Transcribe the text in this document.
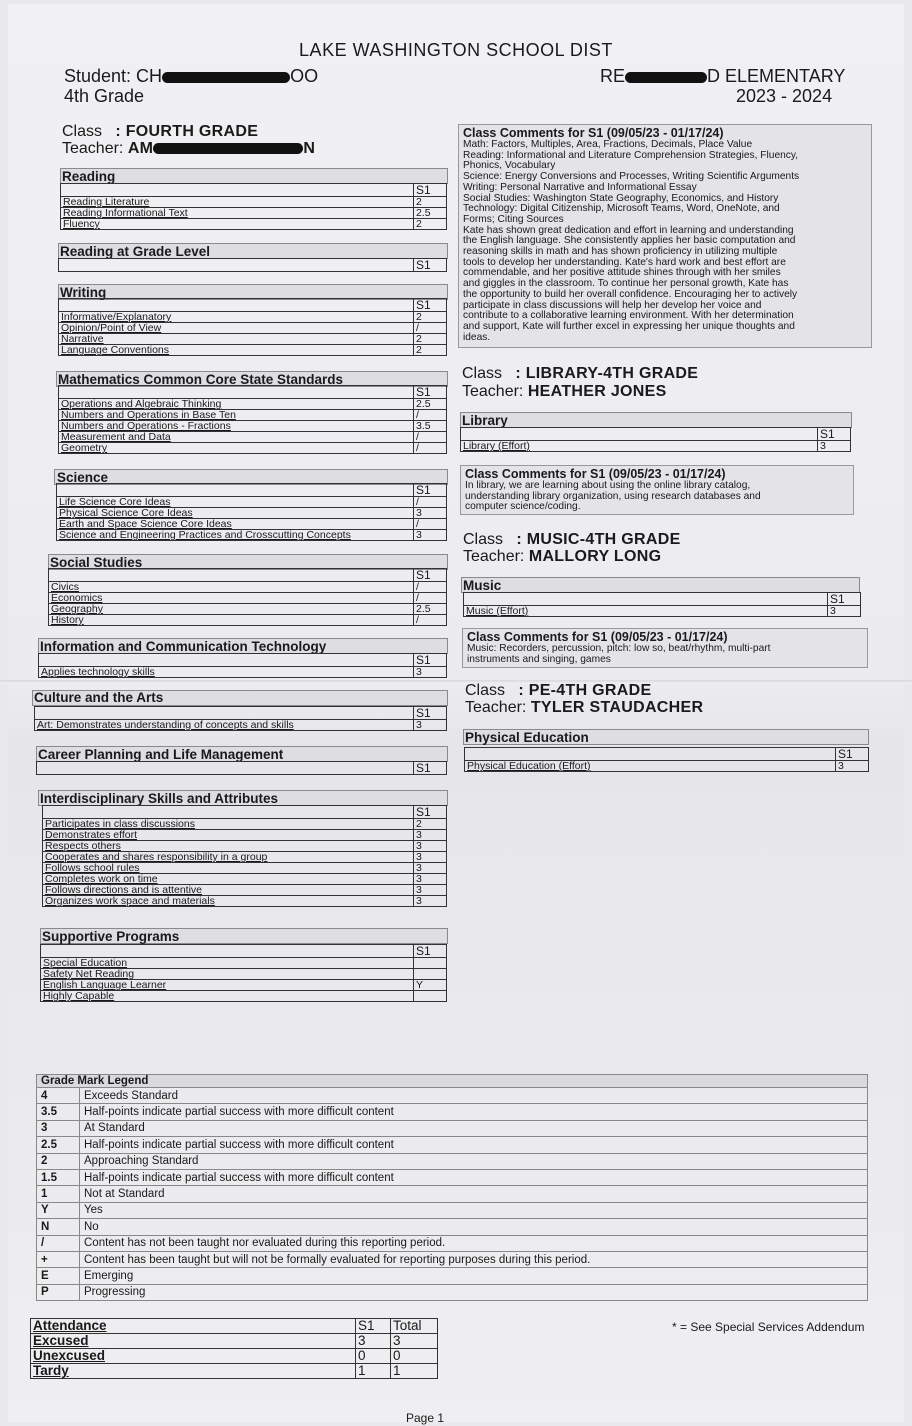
LAKE WASHINGTON SCHOOL DIST
Student: CH	OO
4th Grade
RE	D ELEMENTARY
2023 - 2024
Class : FOURTH GRADE
Teacher: AM	N
Reading
	S1
Reading Literature	2
Reading Informational Text	2.5
Fluency	2
Reading at Grade Level
	S1
Writing
	S1
Informative/Explanatory	2
Opinion/Point of View	/
Narrative	2
Language Conventions	2
Mathematics Common Core State Standards
	S1
Operations and Algebraic Thinking	2.5
Numbers and Operations in Base Ten	/
Numbers and Operations - Fractions	3.5
Measurement and Data	/
Geometry	/
Science
	S1
Life Science Core Ideas	/
Physical Science Core Ideas	3
Earth and Space Science Core Ideas	/
Science and Engineering Practices and Crosscutting Concepts	3
Social Studies
	S1
Civics	/
Economics	/
Geography	2.5
History	/
Information and Communication Technology
	S1
Applies technology skills	3
Culture and the Arts
	S1
Art: Demonstrates understanding of concepts and skills	3
Career Planning and Life Management
	S1
Interdisciplinary Skills and Attributes
	S1
Participates in class discussions	2
Demonstrates effort	3
Respects others	3
Cooperates and shares responsibility in a group	3
Follows school rules	3
Completes work on time	3
Follows directions and is attentive	3
Organizes work space and materials	3
Supportive Programs
	S1
Special Education	
Safety Net Reading	
English Language Learner	Y
Highly Capable	
Class Comments for S1 (09/05/23 - 01/17/24)
Math: Factors, Multiples, Area, Fractions, Decimals, Place Value
Reading: Informational and Literature Comprehension Strategies, Fluency,
Phonics, Vocabulary
Science: Energy Conversions and Processes, Writing Scientific Arguments
Writing: Personal Narrative and Informational Essay
Social Studies: Washington State Geography, Economics, and History
Technology: Digital Citizenship, Microsoft Teams, Word, OneNote, and
Forms; Citing Sources
Kate has shown great dedication and effort in learning and understanding
the English language. She consistently applies her basic computation and
reasoning skills in math and has shown proficiency in utilizing multiple
tools to develop her understanding. Kate's hard work and best effort are
commendable, and her positive attitude shines through with her smiles
and giggles in the classroom. To continue her personal growth, Kate has
the opportunity to build her overall confidence. Encouraging her to actively
participate in class discussions will help her develop her voice and
contribute to a collaborative learning environment. With her determination
and support, Kate will further excel in expressing her unique thoughts and
ideas.
Class : LIBRARY-4TH GRADE
Teacher: HEATHER JONES
Library
	S1
Library (Effort)	3
Class Comments for S1 (09/05/23 - 01/17/24)
In library, we are learning about using the online library catalog,
understanding library organization, using research databases and
computer science/coding.
Class : MUSIC-4TH GRADE
Teacher: MALLORY LONG
Music
	S1
Music (Effort)	3
Class Comments for S1 (09/05/23 - 01/17/24)
Music: Recorders, percussion, pitch: low so, beat/rhythm, multi-part
instruments and singing, games
Class : PE-4TH GRADE
Teacher: TYLER STAUDACHER
Physical Education
	S1
Physical Education (Effort)	3
Grade Mark Legend	
4	Exceeds Standard
3.5	Half-points indicate partial success with more difficult content
3	At Standard
2.5	Half-points indicate partial success with more difficult content
2	Approaching Standard
1.5	Half-points indicate partial success with more difficult content
1	Not at Standard
Y	Yes
N	No
/	Content has not been taught nor evaluated during this reporting period.
+	Content has been taught but will not be formally evaluated for reporting purposes during this period.
E	Emerging
P	Progressing
Attendance	S1	Total
Excused	3	3
Unexcused	0	0
Tardy	1	1
* = See Special Services Addendum
Page 1
